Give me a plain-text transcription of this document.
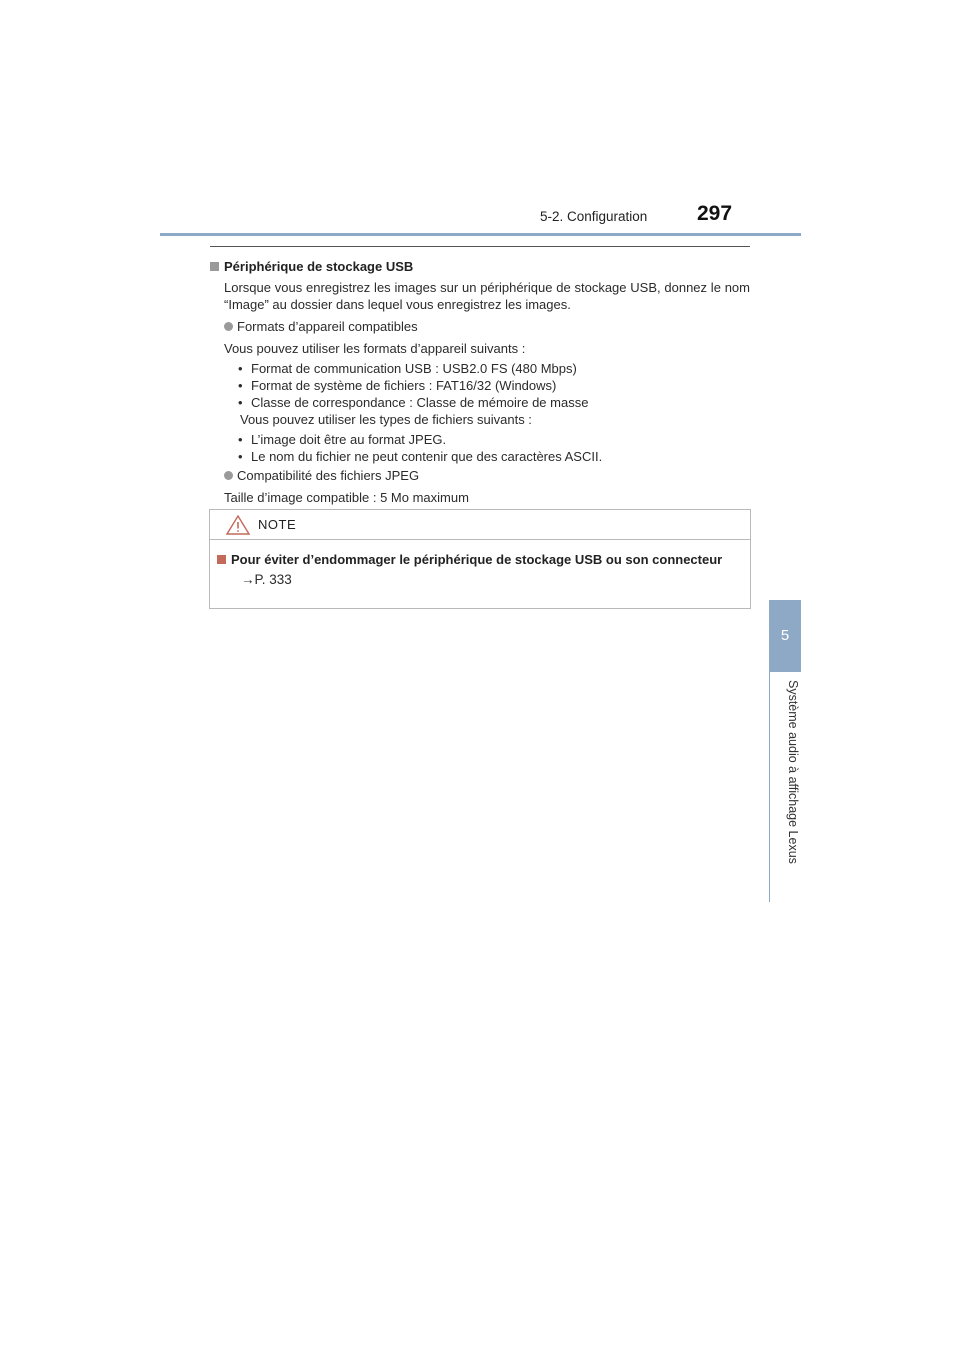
5-2. Configuration 297
5
Système audio à affichage Lexus
Périphérique de stockage USB
Lorsque vous enregistrez les images sur un périphérique de stockage USB, donnez le nom “Image” au dossier dans lequel vous enregistrez les images.
Formats d’appareil compatibles
Vous pouvez utiliser les formats d’appareil suivants :
• Format de communication USB : USB2.0 FS (480 Mbps)
• Format de système de fichiers : FAT16/32 (Windows)
• Classe de correspondance : Classe de mémoire de masse
Vous pouvez utiliser les types de fichiers suivants :
• L’image doit être au format JPEG.
• Le nom du fichier ne peut contenir que des caractères ASCII.
Compatibilité des fichiers JPEG
Taille d’image compatible : 5 Mo maximum
NOTE
Pour éviter d’endommager le périphérique de stockage USB ou son connecteur
→P. 333
